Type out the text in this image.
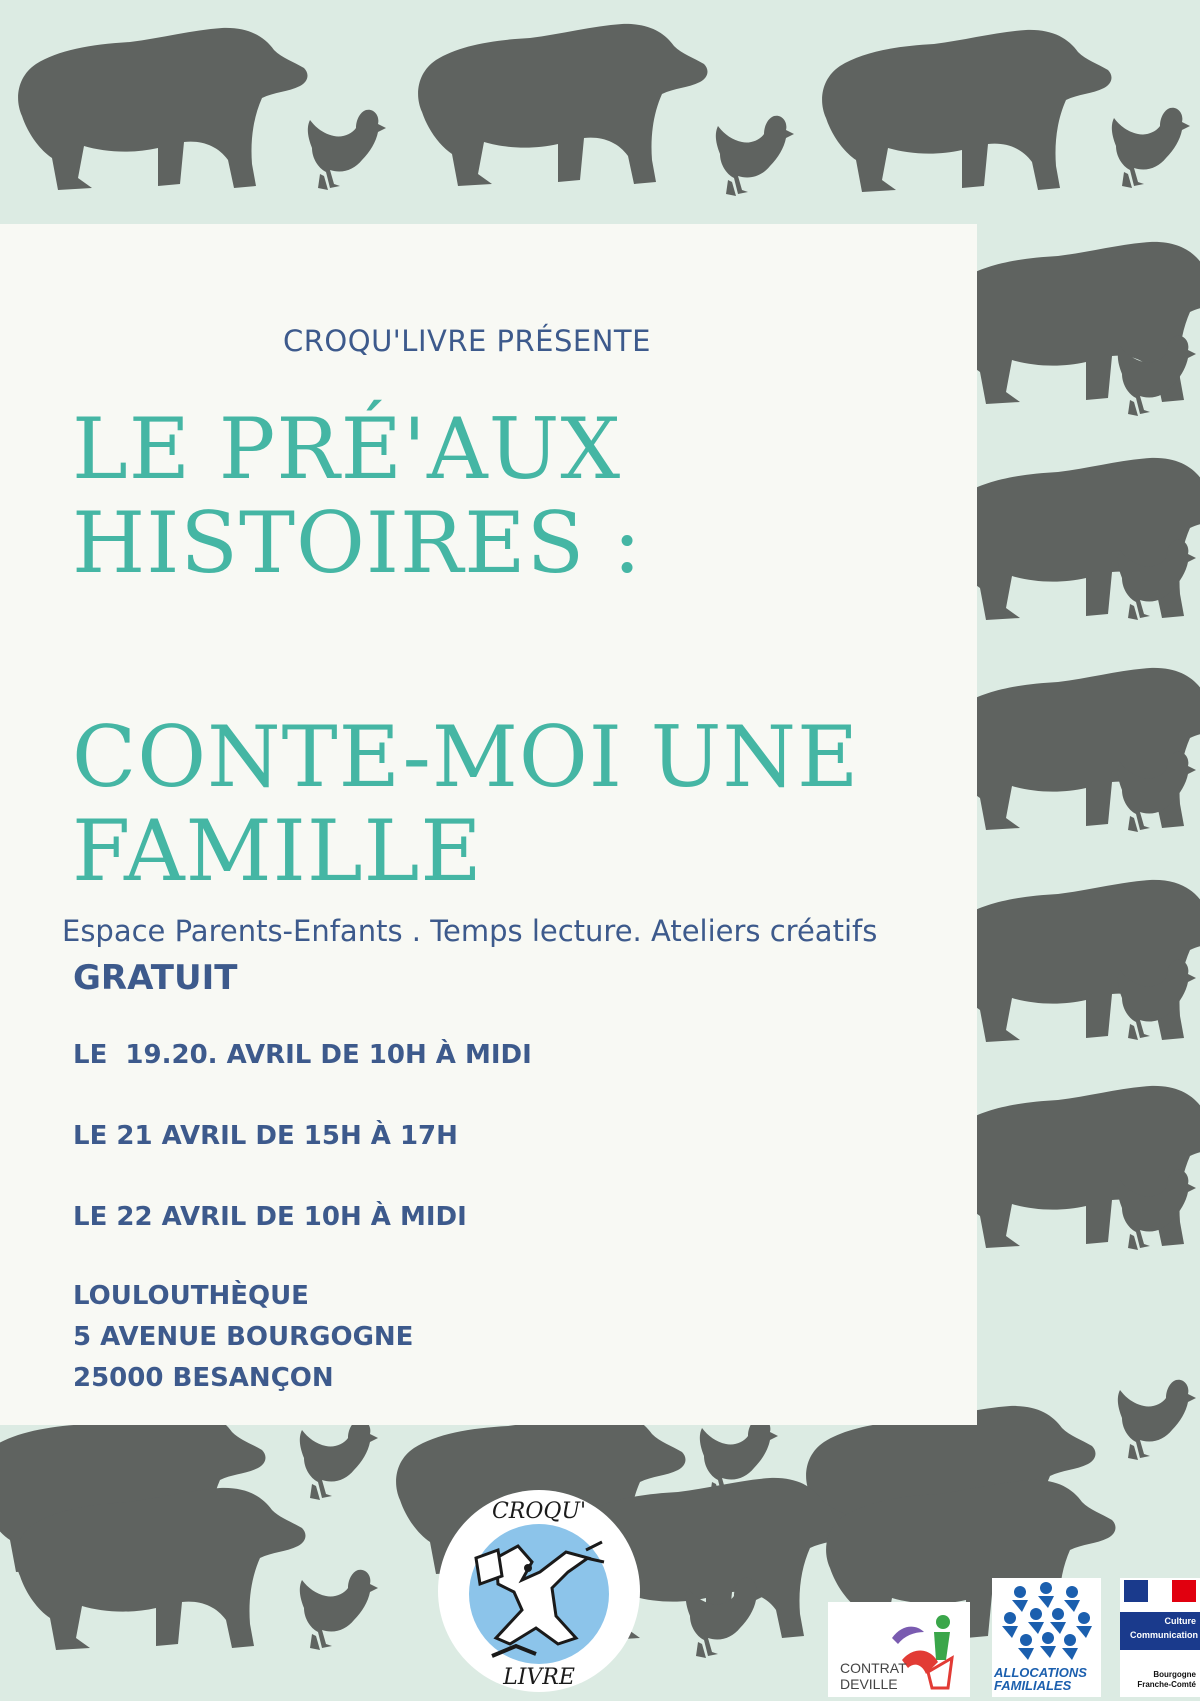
CROQU'LIVRE PRÉSENTE
LE PRÉ'AUX
HISTOIRES :
CONTE-MOI UNE
FAMILLE
Espace Parents-Enfants . Temps lecture. Ateliers créatifs
GRATUIT
LE  19.20. AVRIL DE 10H À MIDI
LE 21 AVRIL DE 15H À 17H
LE 22 AVRIL DE 10H À MIDI
LOULOUTHÈQUE
5 AVENUE BOURGOGNE
25000 BESANÇON
CROQU'
LIVRE	CONTRAT
DEVILLE
ALLOCATIONS FAMILIALES
Culture
Communication
Bourgogne Franche-Comté
